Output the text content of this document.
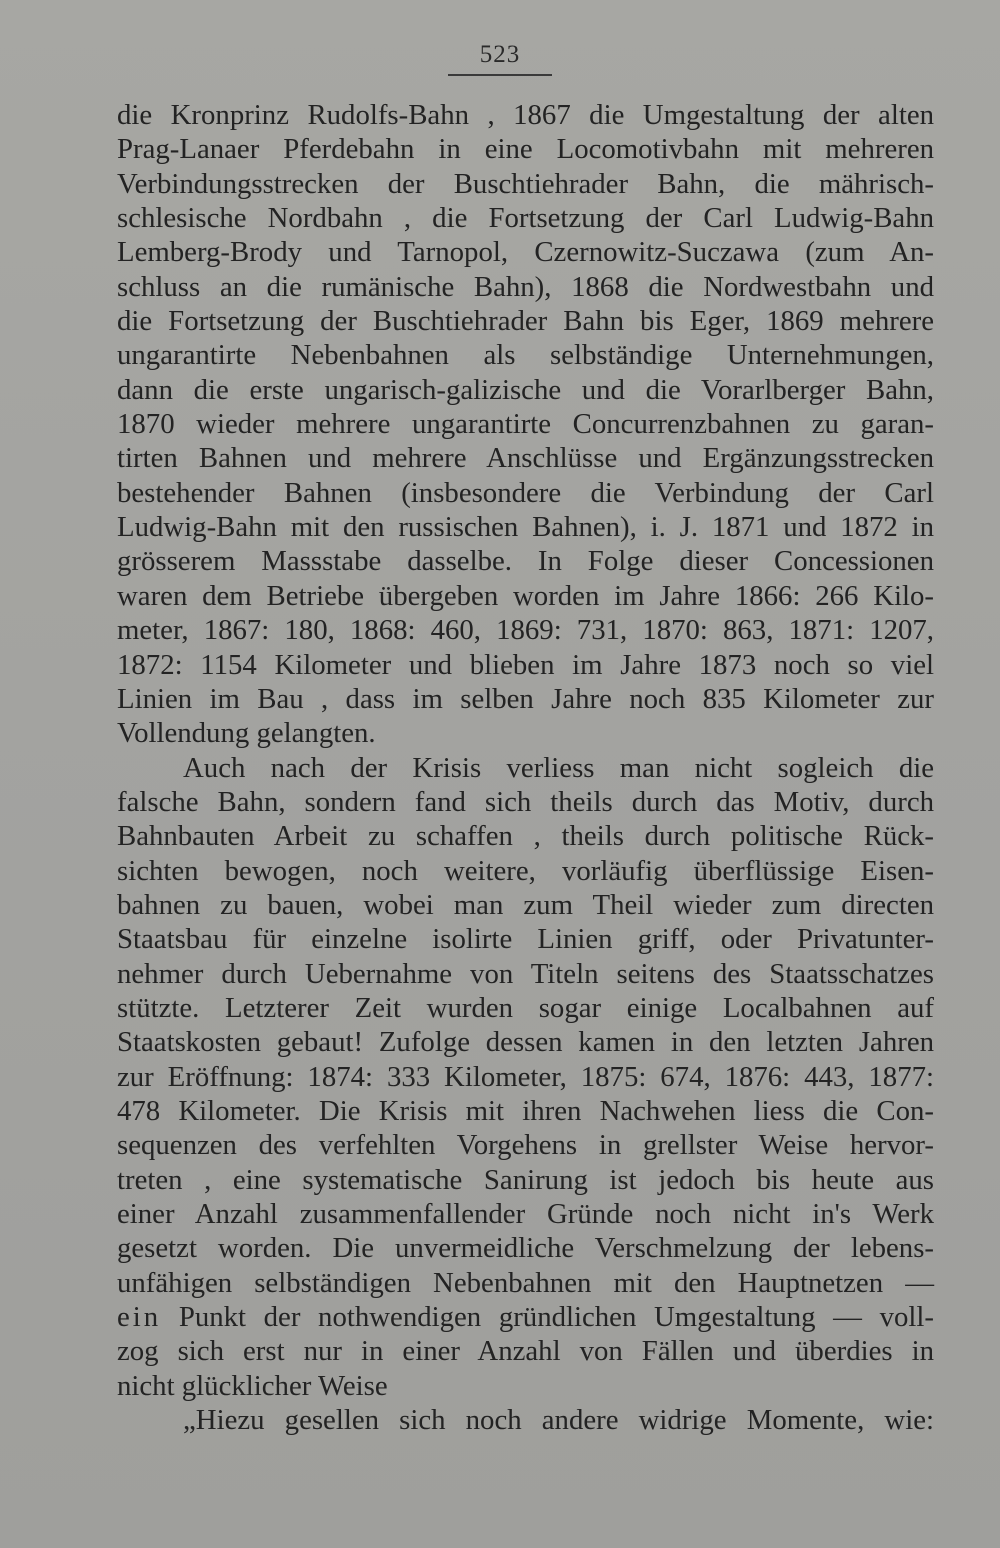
523
die Kronprinz Rudolfs-Bahn , 1867 die Umgestaltung der alten
Prag-Lanaer Pferdebahn in eine Locomotivbahn mit mehreren
Verbindungsstrecken der Buschtiehrader Bahn, die mährisch-
schlesische Nordbahn , die Fortsetzung der Carl Ludwig-Bahn
Lemberg-Brody und Tarnopol, Czernowitz-Suczawa (zum An-
schluss an die rumänische Bahn), 1868 die Nordwestbahn und
die Fortsetzung der Buschtiehrader Bahn bis Eger, 1869 mehrere
ungarantirte Nebenbahnen als selbständige Unternehmungen,
dann die erste ungarisch-galizische und die Vorarlberger Bahn,
1870 wieder mehrere ungarantirte Concurrenzbahnen zu garan-
tirten Bahnen und mehrere Anschlüsse und Ergänzungsstrecken
bestehender Bahnen (insbesondere die Verbindung der Carl
Ludwig-Bahn mit den russischen Bahnen), i. J. 1871 und 1872 in
grösserem Massstabe dasselbe. In Folge dieser Concessionen
waren dem Betriebe übergeben worden im Jahre 1866: 266 Kilo-
meter, 1867: 180, 1868: 460, 1869: 731, 1870: 863, 1871: 1207,
1872: 1154 Kilometer und blieben im Jahre 1873 noch so viel
Linien im Bau , dass im selben Jahre noch 835 Kilometer zur
Vollendung gelangten.
Auch nach der Krisis verliess man nicht sogleich die
falsche Bahn, sondern fand sich theils durch das Motiv, durch
Bahnbauten Arbeit zu schaffen , theils durch politische Rück-
sichten bewogen, noch weitere, vorläufig überflüssige Eisen-
bahnen zu bauen, wobei man zum Theil wieder zum directen
Staatsbau für einzelne isolirte Linien griff, oder Privatunter-
nehmer durch Uebernahme von Titeln seitens des Staatsschatzes
stützte. Letzterer Zeit wurden sogar einige Localbahnen auf
Staatskosten gebaut! Zufolge dessen kamen in den letzten Jahren
zur Eröffnung: 1874: 333 Kilometer, 1875: 674, 1876: 443, 1877:
478 Kilometer. Die Krisis mit ihren Nachwehen liess die Con-
sequenzen des verfehlten Vorgehens in grellster Weise hervor-
treten , eine systematische Sanirung ist jedoch bis heute aus
einer Anzahl zusammenfallender Gründe noch nicht in's Werk
gesetzt worden. Die unvermeidliche Verschmelzung der lebens-
unfähigen selbständigen Nebenbahnen mit den Hauptnetzen —
ein Punkt der nothwendigen gründlichen Umgestaltung — voll-
zog sich erst nur in einer Anzahl von Fällen und überdies in
nicht glücklicher Weise
„Hiezu gesellen sich noch andere widrige Momente, wie:
